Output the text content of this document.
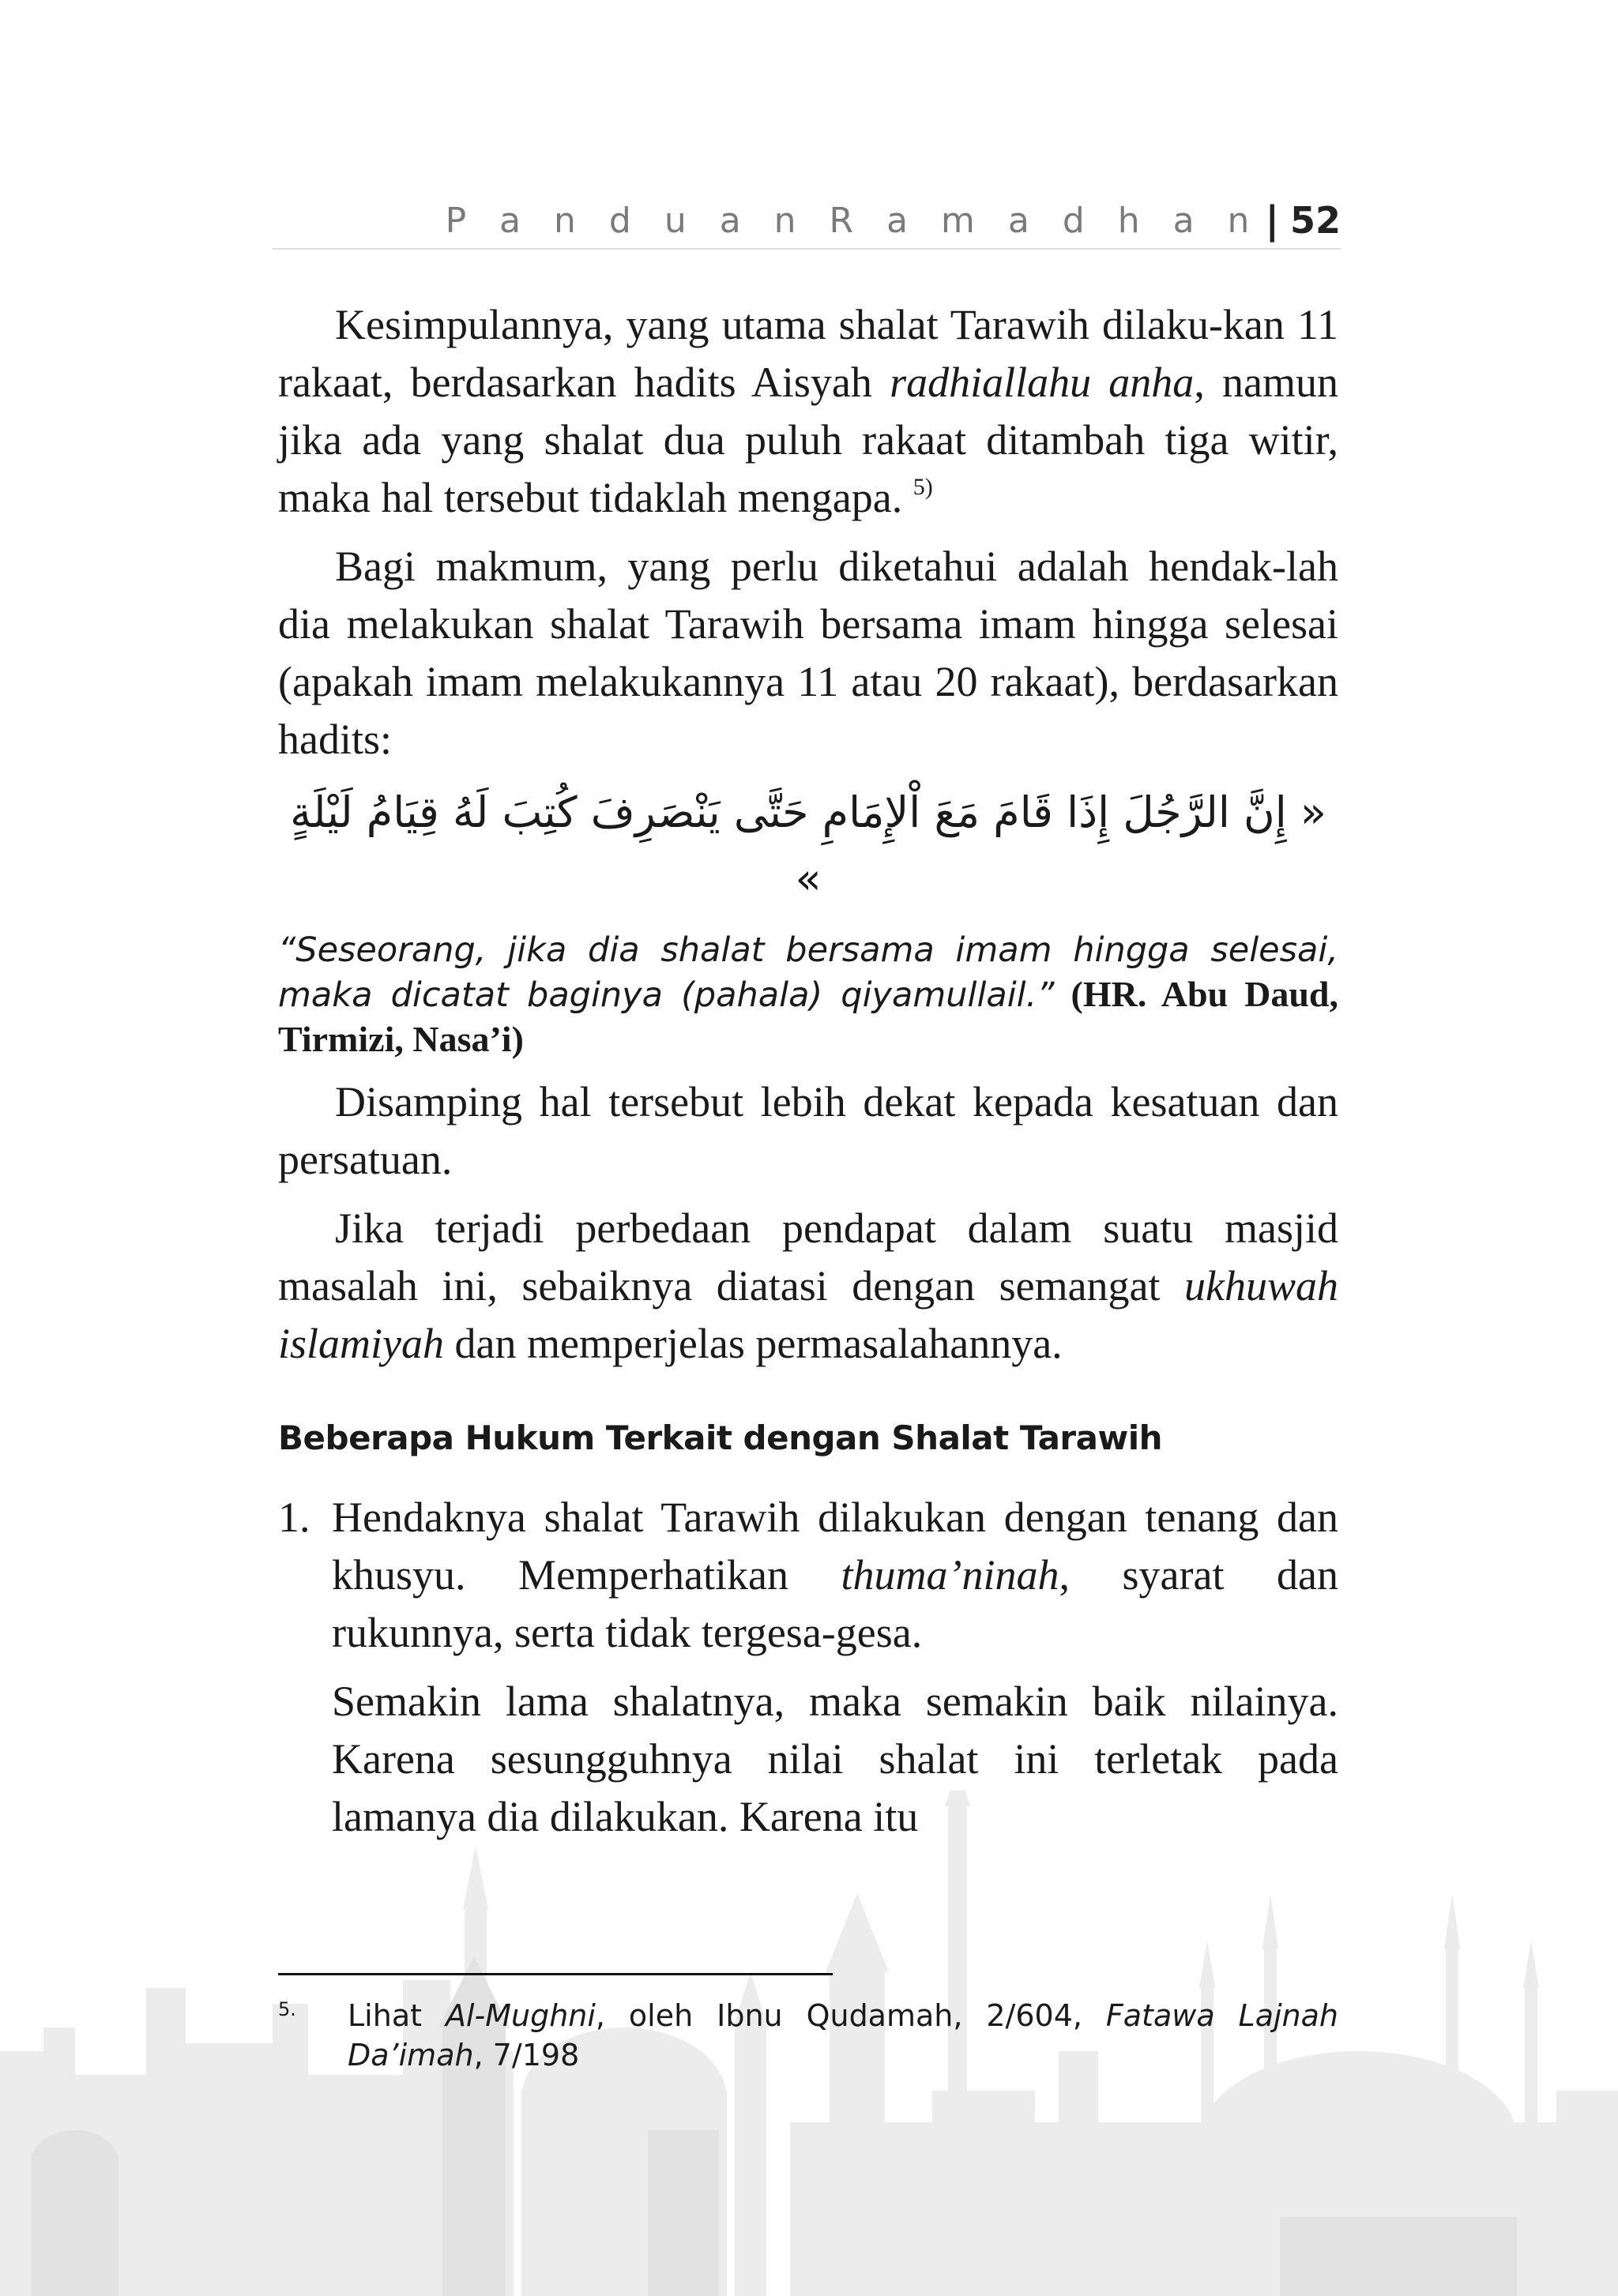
P a n d u a n R a m a d h a n | 52

Kesimpulannya, yang utama shalat Tarawih dilaku-kan 11 rakaat, berdasarkan hadits Aisyah radhiallahu anha, namun jika ada yang shalat dua puluh rakaat ditambah tiga witir, maka hal tersebut tidaklah mengapa. $^{5)}$

Bagi makmum, yang perlu diketahui adalah hendak-lah dia melakukan shalat Tarawih bersama imam hingga selesai (apakah imam melakukannya 11 atau 20 rakaat), berdasarkan hadits:

« إِنَّ الرَّجُلَ إِذَا قَامَ مَعَ اْلإِمَامِ حَتَّى يَنْصَرِفَ كُتِبَ لَهُ قِيَامُ لَيْلَةٍ »

“Seseorang, jika dia shalat bersama imam hingga selesai, maka dicatat baginya (pahala) qiyamullail.” (HR. Abu Daud, Tirmizi, Nasa’i)

Disamping hal tersebut lebih dekat kepada kesatuan dan persatuan.

Jika terjadi perbedaan pendapat dalam suatu masjid masalah ini, sebaiknya diatasi dengan semangat ukhuwah islamiyah dan memperjelas permasalahannya.

Beberapa Hukum Terkait dengan Shalat Tarawih
1. Hendaknya shalat Tarawih dilakukan dengan tenang dan khusyu. Memperhatikan thuma’ninah, syarat dan rukunnya, serta tidak tergesa-gesa.

Semakin lama shalatnya, maka semakin baik nilainya. Karena sesungguhnya nilai shalat ini terletak pada lamanya dia dilakukan. Karena itu

5.	Lihat Al-Mughni, oleh Ibnu Qudamah, 2/604, Fatawa Lajnah Da’imah, 7/198
